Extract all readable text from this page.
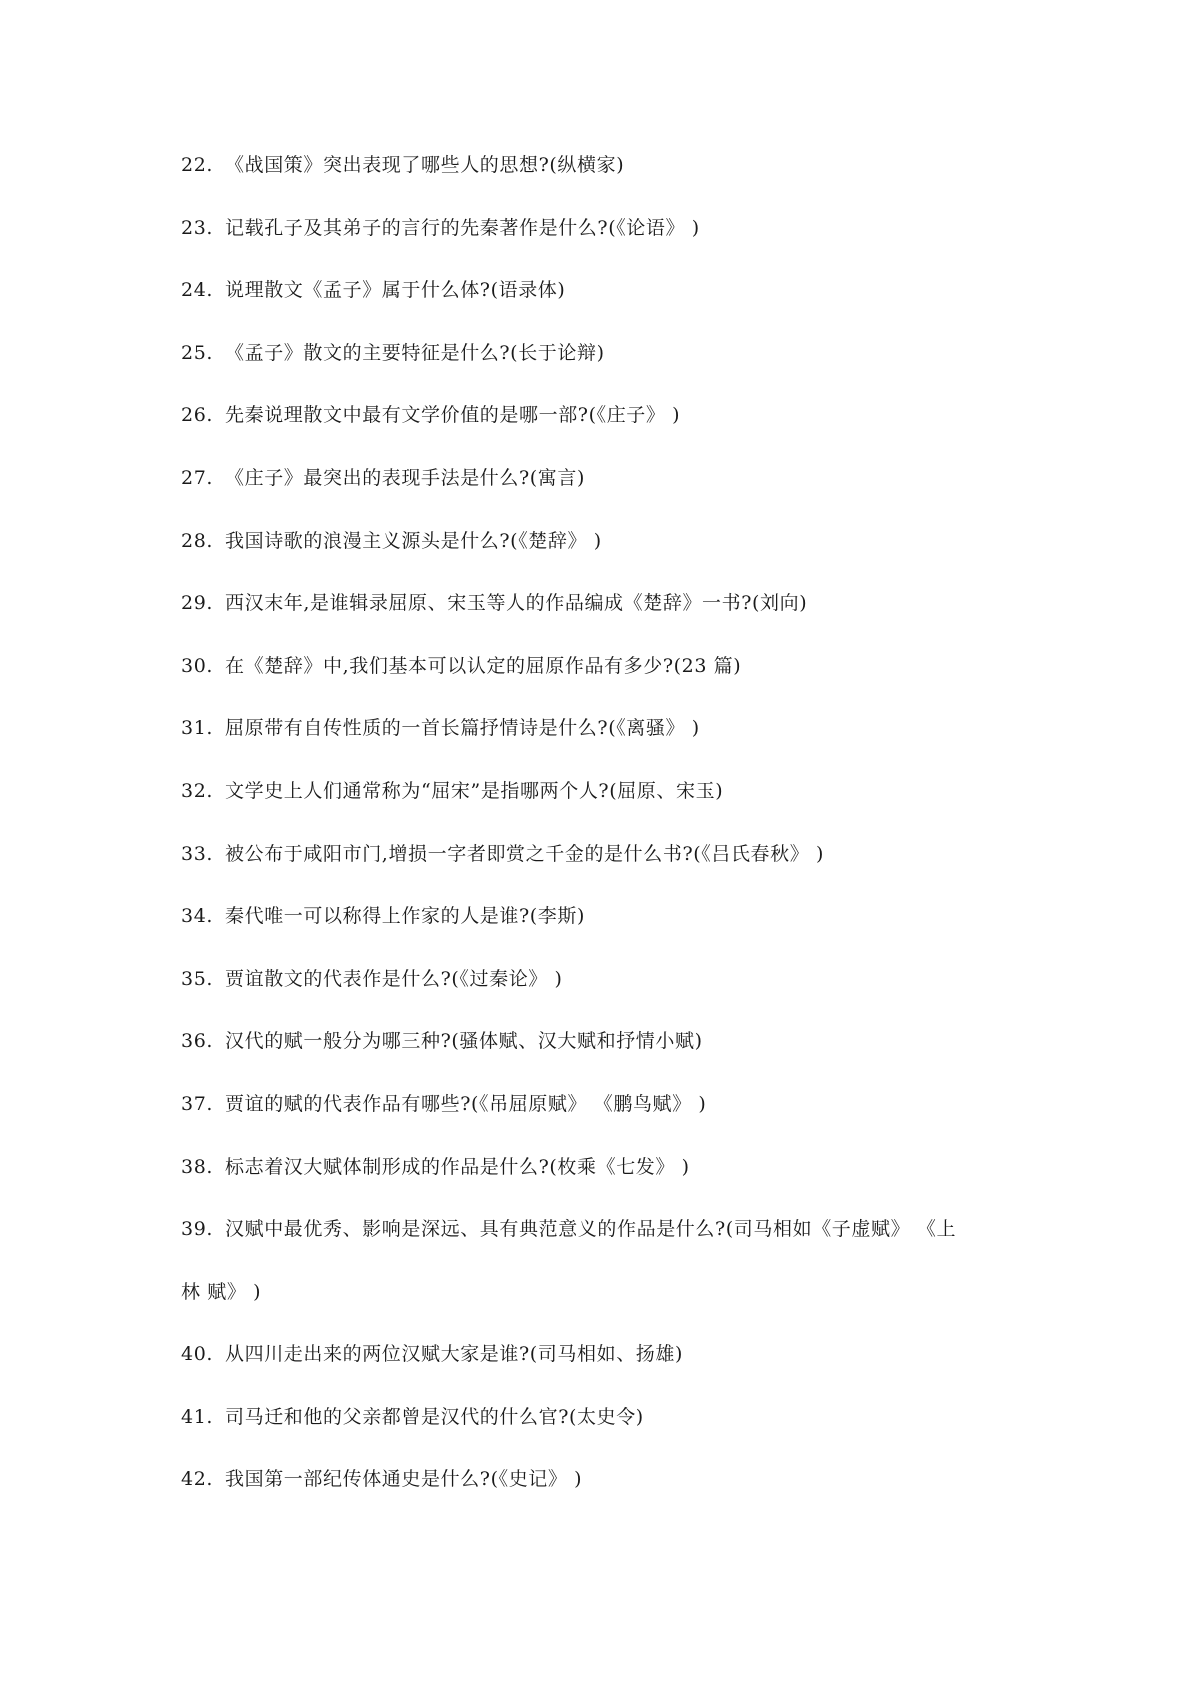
22. 《战国策》突出表现了哪些人的思想?(纵横家)
23. 记载孔子及其弟子的言行的先秦著作是什么?(《论语》 )
24. 说理散文《孟子》属于什么体?(语录体)
25. 《孟子》散文的主要特征是什么?(长于论辩)
26. 先秦说理散文中最有文学价值的是哪一部?(《庄子》 )
27. 《庄子》最突出的表现手法是什么?(寓言)
28. 我国诗歌的浪漫主义源头是什么?(《楚辞》 )
29. 西汉末年,是谁辑录屈原、宋玉等人的作品编成《楚辞》一书?(刘向)
30. 在《楚辞》中,我们基本可以认定的屈原作品有多少?(23 篇)
31. 屈原带有自传性质的一首长篇抒情诗是什么?(《离骚》 )
32. 文学史上人们通常称为“屈宋”是指哪两个人?(屈原、宋玉)
33. 被公布于咸阳市门,增损一字者即赏之千金的是什么书?(《吕氏春秋》 )
34. 秦代唯一可以称得上作家的人是谁?(李斯)
35. 贾谊散文的代表作是什么?(《过秦论》 )
36. 汉代的赋一般分为哪三种?(骚体赋、汉大赋和抒情小赋)
37. 贾谊的赋的代表作品有哪些?(《吊屈原赋》 《鹏鸟赋》 )
38. 标志着汉大赋体制形成的作品是什么?(枚乘《七发》 )
39. 汉赋中最优秀、影响是深远、具有典范意义的作品是什么?(司马相如《子虚赋》 《上
林 赋》 )
40. 从四川走出来的两位汉赋大家是谁?(司马相如、扬雄)
41. 司马迁和他的父亲都曾是汉代的什么官?(太史令)
42. 我国第一部纪传体通史是什么?(《史记》 )
